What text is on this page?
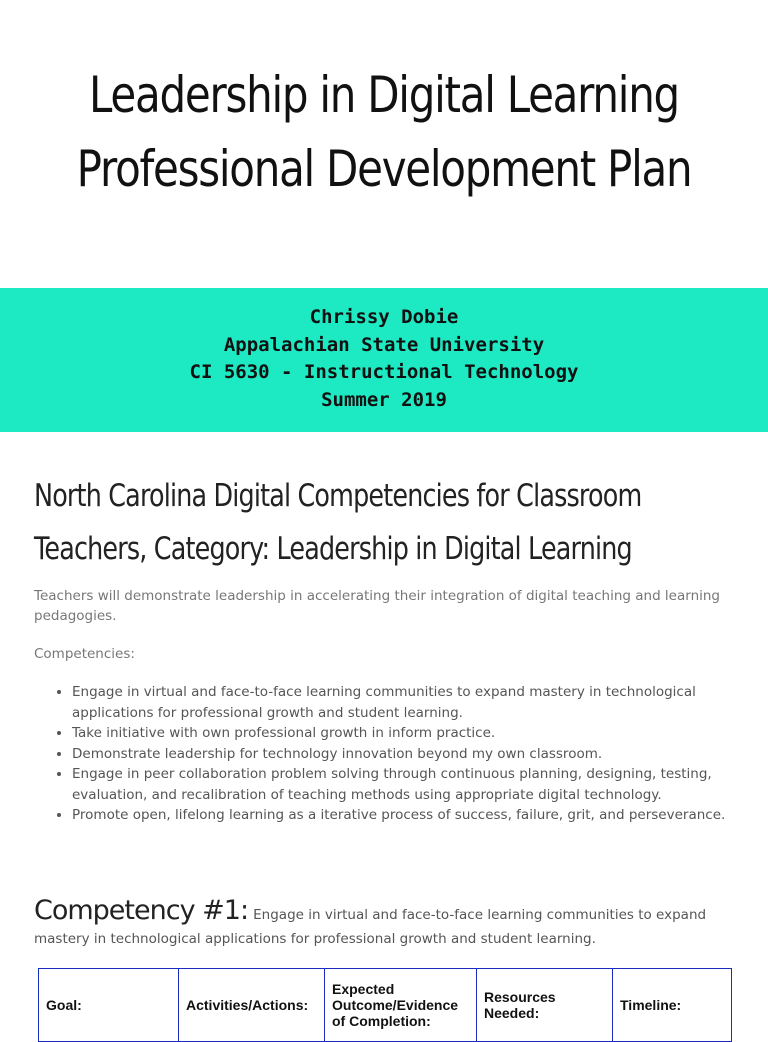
Leadership in Digital Learning
Professional Development Plan
Chrissy Dobie
Appalachian State University
CI 5630 - Instructional Technology
Summer 2019
North Carolina Digital Competencies for Classroom
Teachers, Category: Leadership in Digital Learning

Teachers will demonstrate leadership in accelerating their integration of digital teaching and learning pedagogies.

Competencies:

• Engage in virtual and face-to-face learning communities to expand mastery in technological applications for professional growth and student learning.
• Take initiative with own professional growth in inform practice.
• Demonstrate leadership for technology innovation beyond my own classroom.
• Engage in peer collaboration problem solving through continuous planning, designing, testing, evaluation, and recalibration of teaching methods using appropriate digital technology.
• Promote open, lifelong learning as a iterative process of success, failure, grit, and perseverance.
Competency #1: Engage in virtual and face-to-face learning communities to expand mastery in technological applications for professional growth and student learning.
Goal:	Activities/Actions:	Expected Outcome/Evidence of Completion:	Resources Needed:	Timeline:
